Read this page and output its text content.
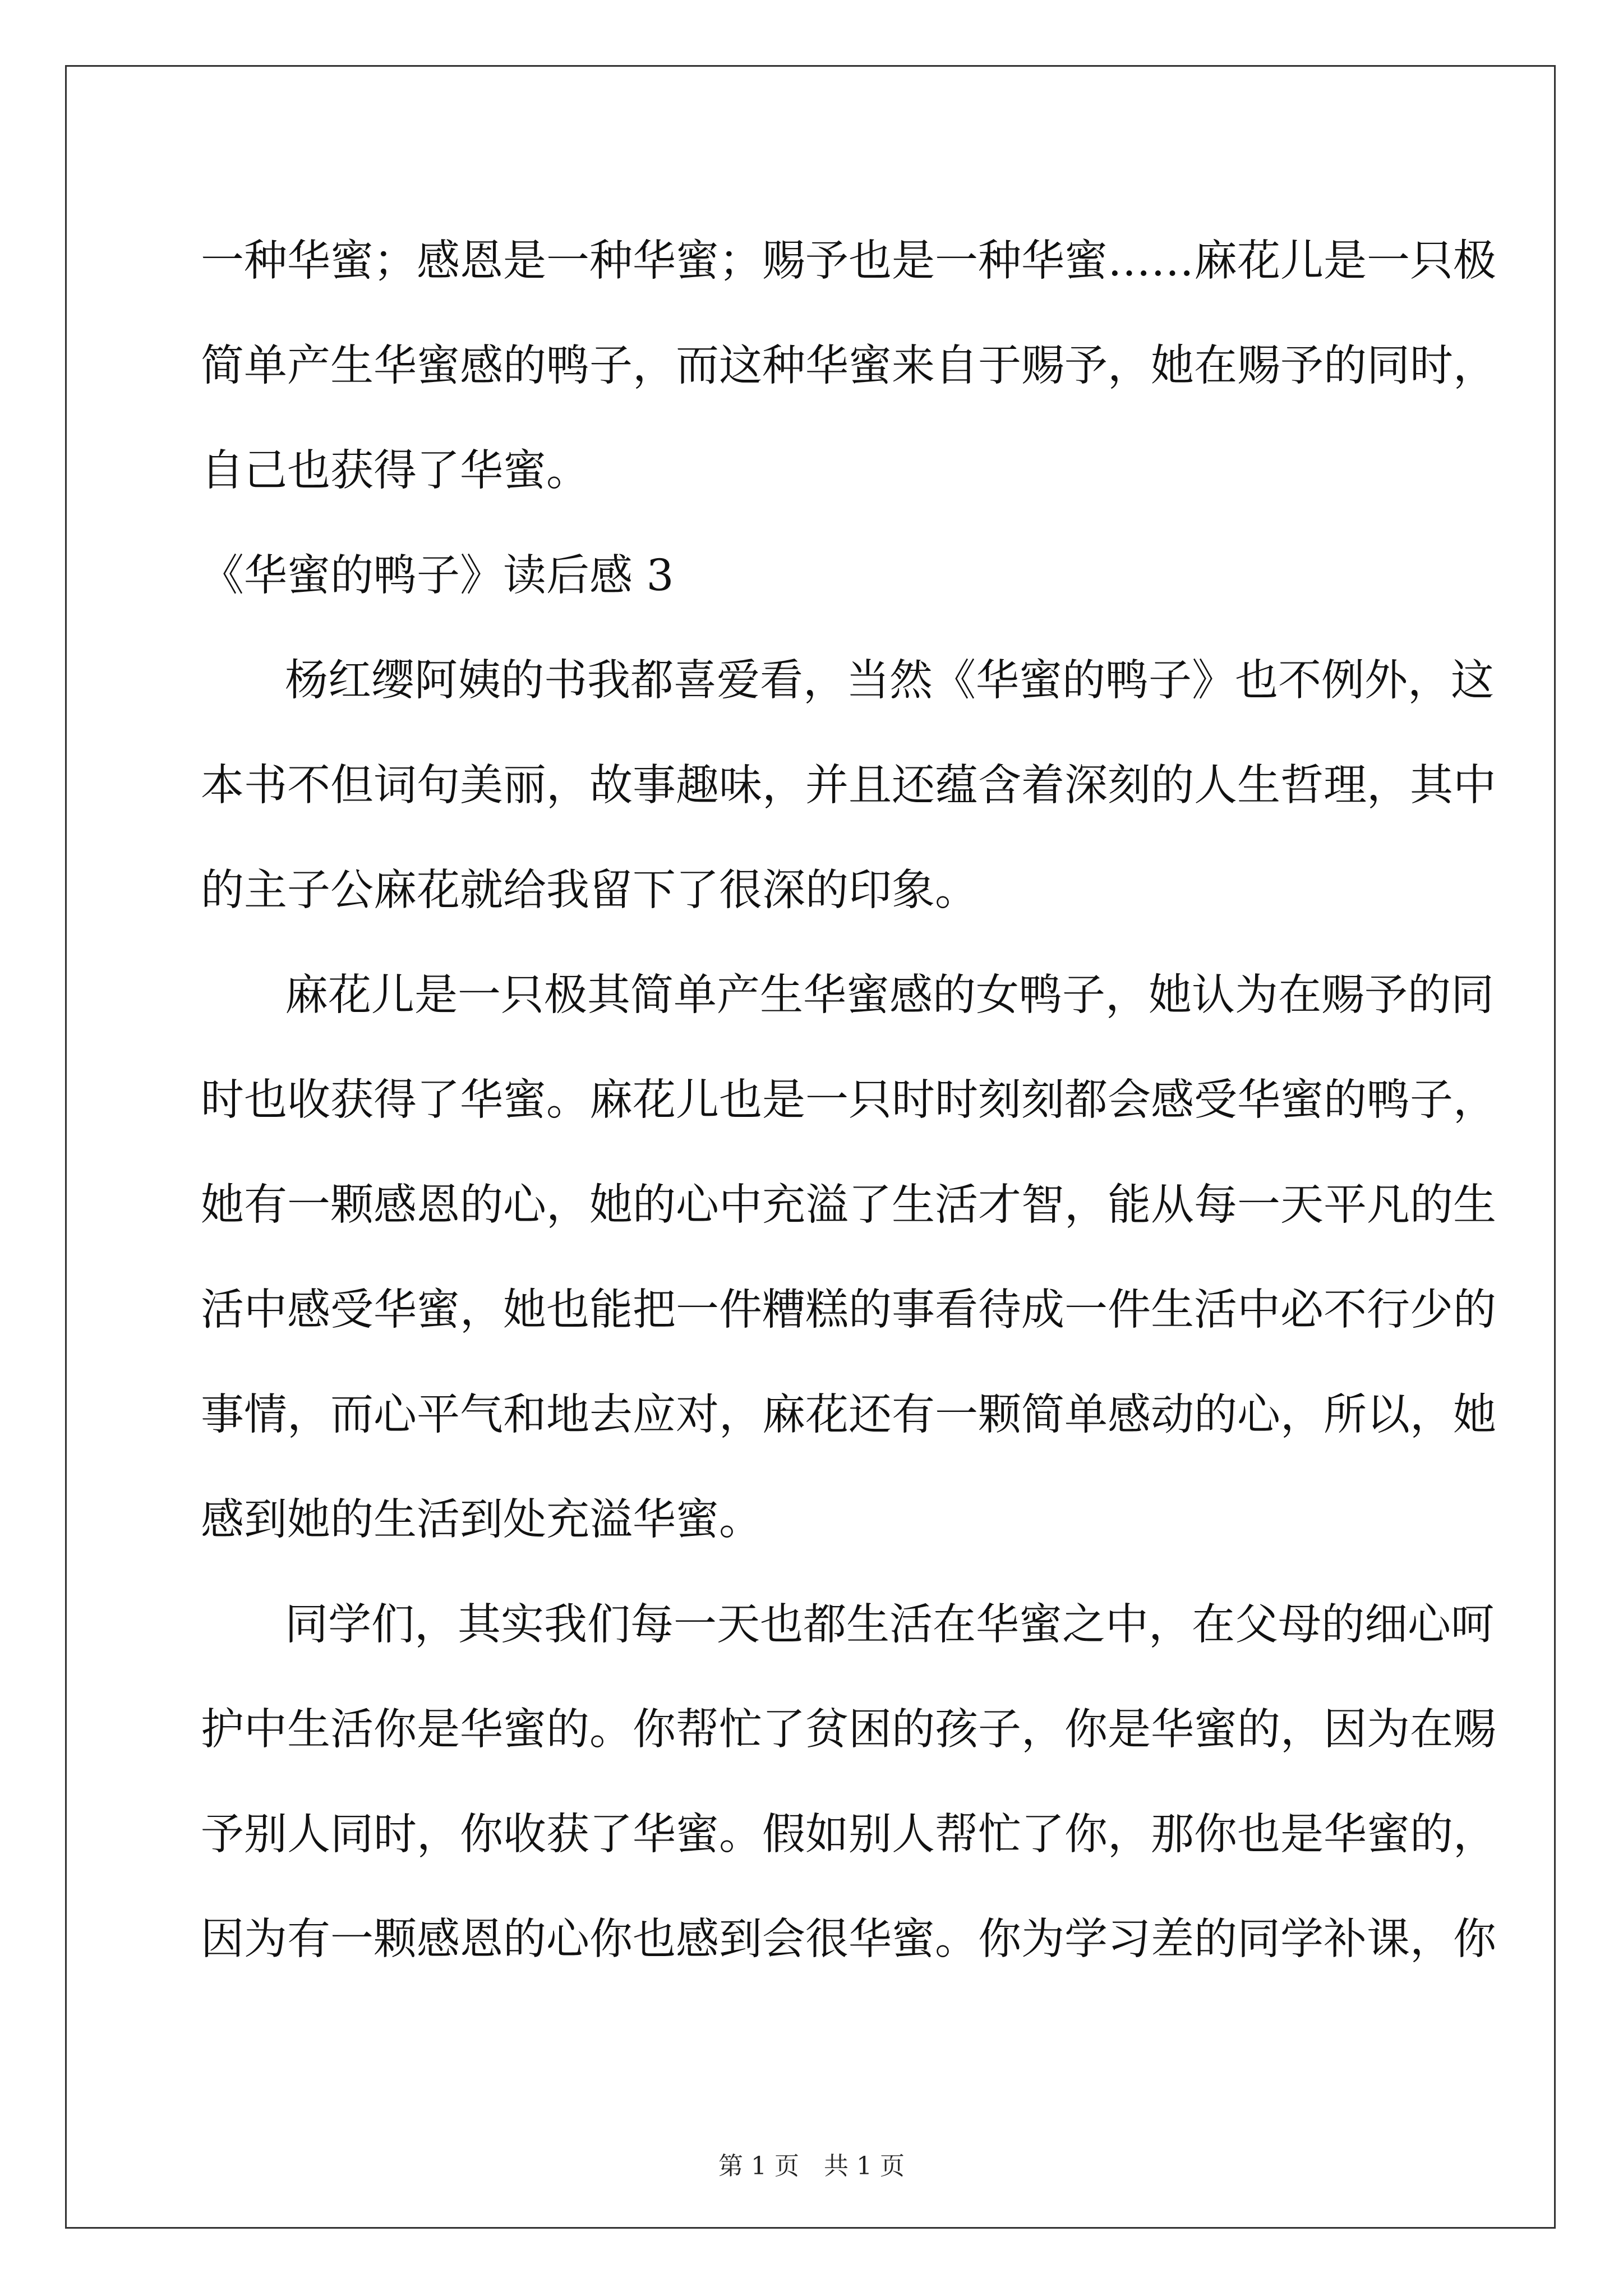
一种华蜜；感恩是一种华蜜；赐予也是一种华蜜……麻花儿是一只极
简单产生华蜜感的鸭子，而这种华蜜来自于赐予，她在赐予的同时，
自己也获得了华蜜。
《华蜜的鸭子》读后感 3
杨红缨阿姨的书我都喜爱看，当然《华蜜的鸭子》也不例外，这
本书不但词句美丽，故事趣味，并且还蕴含着深刻的人生哲理，其中
的主子公麻花就给我留下了很深的印象。
麻花儿是一只极其简单产生华蜜感的女鸭子，她认为在赐予的同
时也收获得了华蜜。麻花儿也是一只时时刻刻都会感受华蜜的鸭子，
她有一颗感恩的心，她的心中充溢了生活才智，能从每一天平凡的生
活中感受华蜜，她也能把一件糟糕的事看待成一件生活中必不行少的
事情，而心平气和地去应对，麻花还有一颗简单感动的心，所以，她
感到她的生活到处充溢华蜜。
同学们，其实我们每一天也都生活在华蜜之中，在父母的细心呵
护中生活你是华蜜的。你帮忙了贫困的孩子，你是华蜜的，因为在赐
予别人同时，你收获了华蜜。假如别人帮忙了你，那你也是华蜜的，
因为有一颗感恩的心你也感到会很华蜜。你为学习差的同学补课，你
第 1 页　共 1 页
